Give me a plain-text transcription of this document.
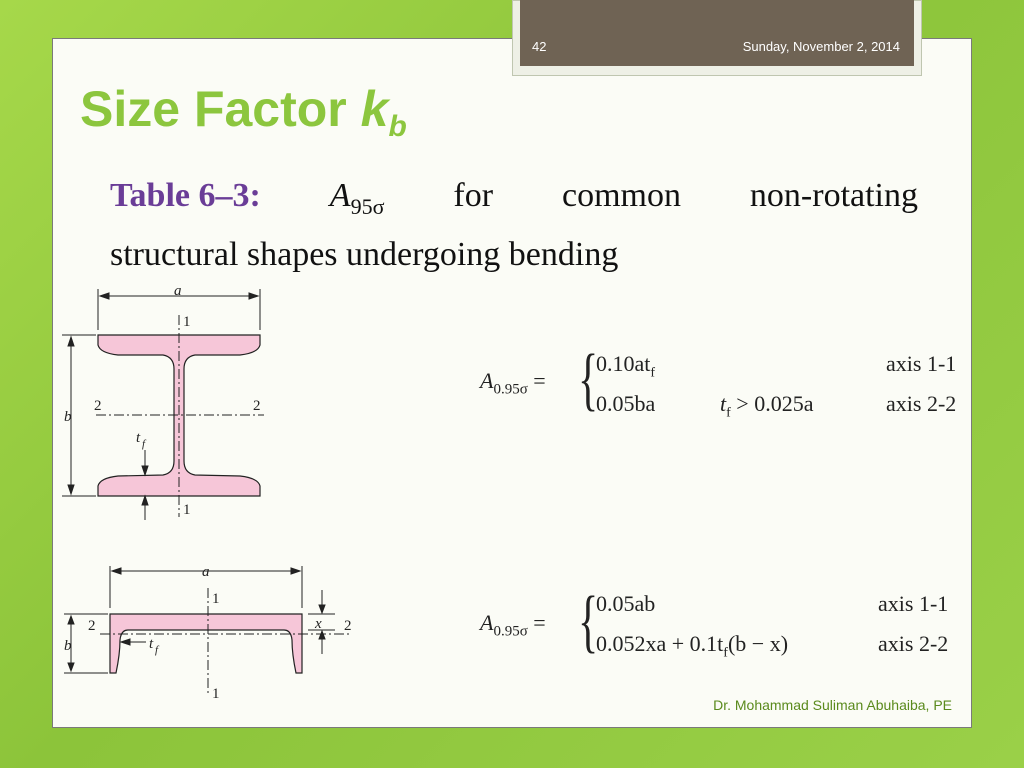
42	Sunday, November 2, 2014
Size Factor $k_b$
Table 6–3: $A_{95\sigma}$ for common non-rotating
structural shapes undergoing bending
a
b
1
1
2	2
t f
a
b
x
1
1
2	2
t f
$A_{0.95\sigma}$ = {
$0.10at_f$	axis 1-1
0.05ba	$t_f > 0.025a$	axis 2-2
$A_{0.95\sigma}$ = {
0.05ab	axis 1-1
$0.052xa + 0.1t_f(b - x)$	axis 2-2
Dr. Mohammad Suliman Abuhaiba, PE
